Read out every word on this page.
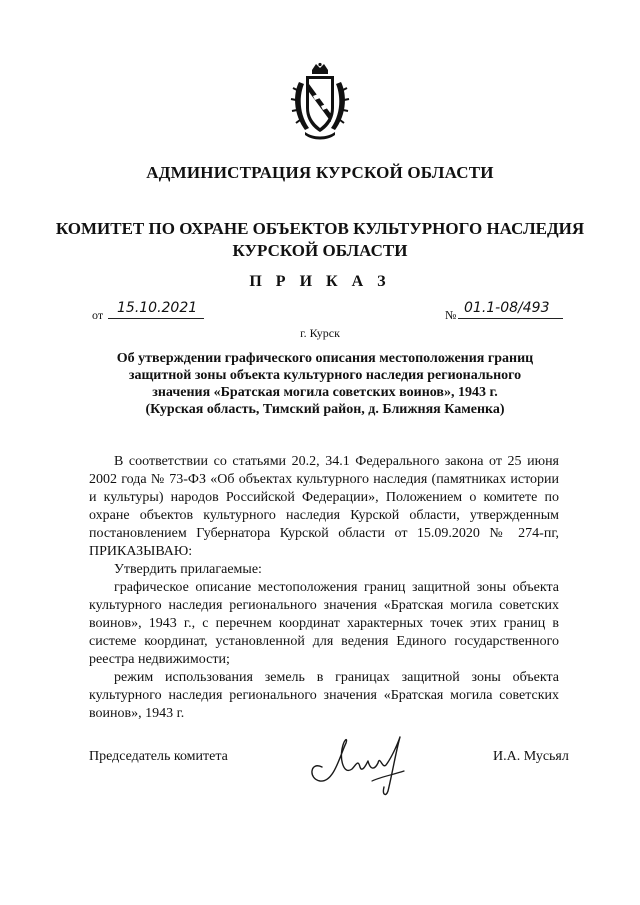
АДМИНИСТРАЦИЯ КУРСКОЙ ОБЛАСТИ
КОМИТЕТ ПО ОХРАНЕ ОБЪЕКТОВ КУЛЬТУРНОГО НАСЛЕДИЯ
КУРСКОЙ ОБЛАСТИ
П Р И К А З
от 15.10.2021	№ 01.1-08/493
г. Курск
Об утверждении графического описания местоположения границ
защитной зоны объекта культурного наследия регионального
значения «Братская могила советских воинов», 1943 г.
(Курская область, Тимский район, д. Ближняя Каменка)

В соответствии со статьями 20.2, 34.1 Федерального закона от 25 июня 2002 года № 73-ФЗ «Об объектах культурного наследия (памятниках истории и культуры) народов Российской Федерации», Положением о комитете по охране объектов культурного наследия Курской области, утвержденным постановлением Губернатора Курской области от 15.09.2020 № 274-пг, ПРИКАЗЫВАЮ:

Утвердить прилагаемые:

графическое описание местоположения границ защитной зоны объекта культурного наследия регионального значения «Братская могила советских воинов», 1943 г., с перечнем координат характерных точек этих границ в системе координат, установленной для ведения Единого государственного реестра недвижимости;

режим использования земель в границах защитной зоны объекта культурного наследия регионального значения «Братская могила советских воинов», 1943 г.

Председатель комитета	И.А. Мусьял
